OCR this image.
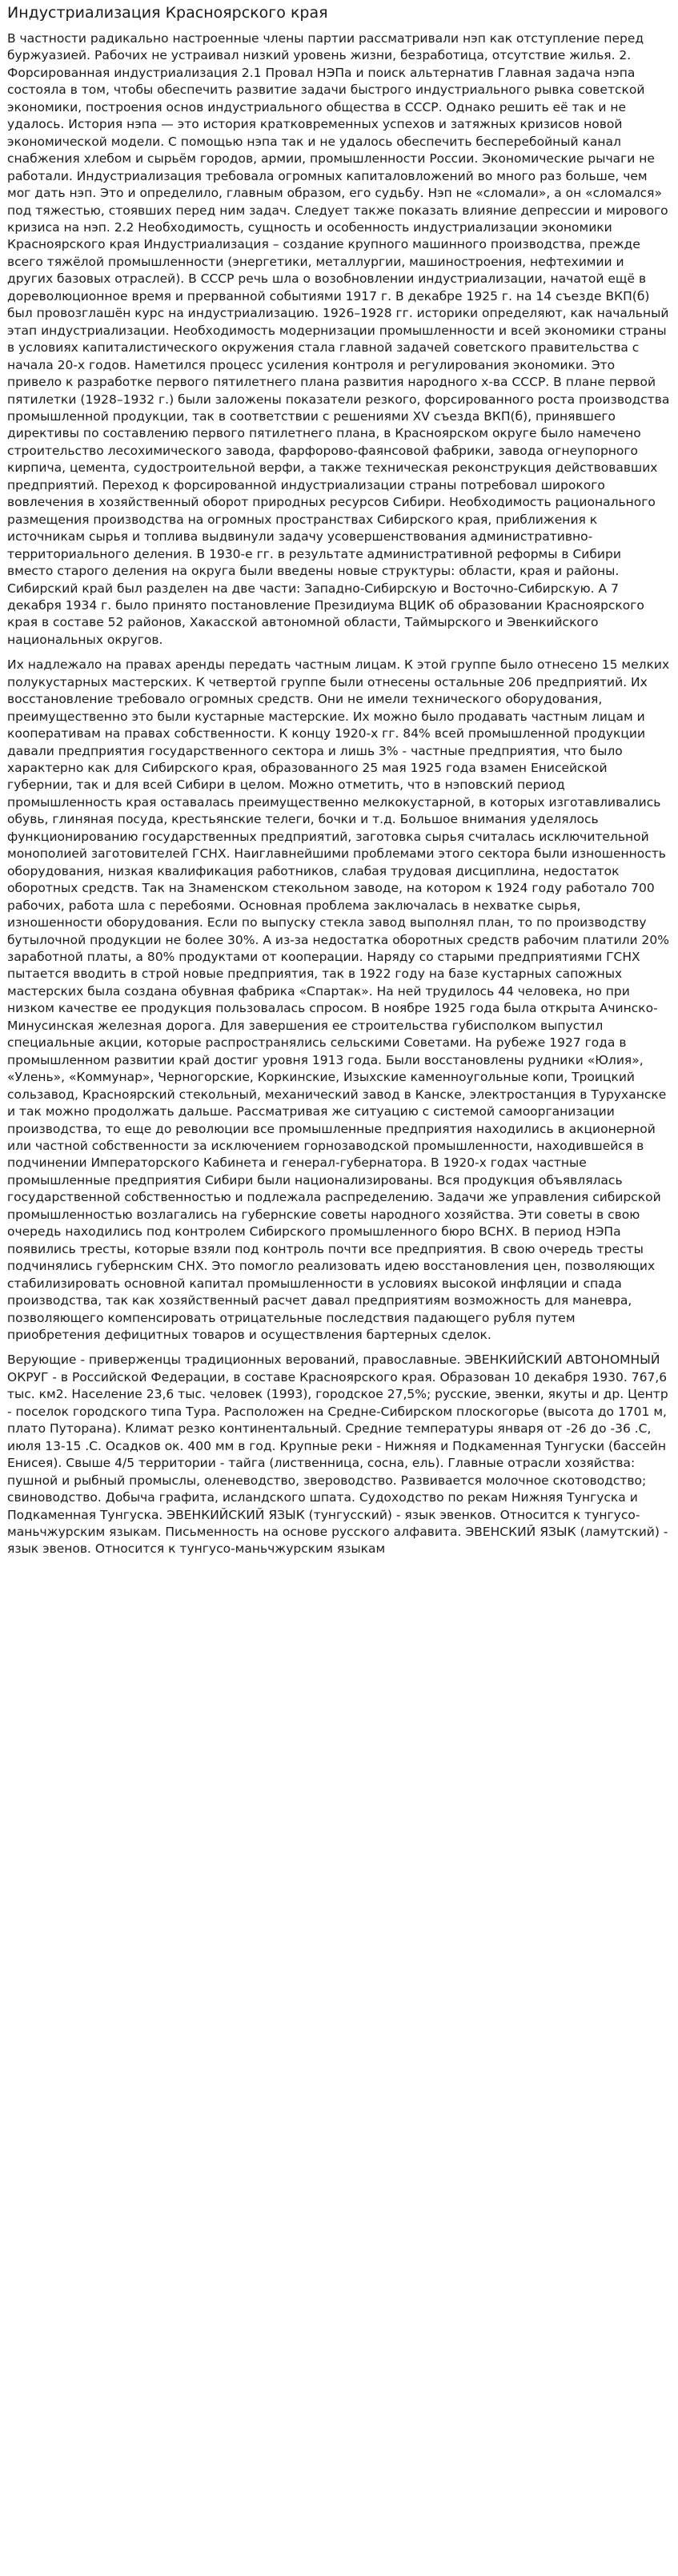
Индустриализация Красноярского края

В частности радикально настроенные члены партии рассматривали нэп как отступление перед буржуазией. Рабочих не устраивал низкий уровень жизни, безработица, отсутствие жилья. 2. Форсированная индустриализация 2.1 Провал НЭПа и поиск альтернатив Главная задача нэпа состояла в том, чтобы обеспечить развитие задачи быстрого индустриального рывка советской экономики, построения основ индустриального общества в СССР. Однако решить её так и не удалось. История нэпа — это история кратковременных успехов и затяжных кризисов новой экономической модели. С помощью нэпа так и не удалось обеспечить бесперебойный канал снабжения хлебом и сырьём городов, армии, промышленности России. Экономические рычаги не работали. Индустриализация требовала огромных капиталовложений во много раз больше, чем мог дать нэп. Это и определило, главным образом, его судьбу. Нэп не «сломали», а он «сломался» под тяжестью, стоявших перед ним задач. Следует также показать влияние депрессии и мирового кризиса на нэп. 2.2 Необходимость, сущность и особенность индустриализации экономики Красноярского края Индустриализация – создание крупного машинного производства, прежде всего тяжёлой промышленности (энергетики, металлургии, машиностроения, нефтехимии и других базовых отраслей). В СССР речь шла о возобновлении индустриализации, начатой ещё в дореволюционное время и прерванной событиями 1917 г. В декабре 1925 г. на 14 съезде ВКП(б) был провозглашён курс на индустриализацию. 1926–1928 гг. историки определяют, как начальный этап индустриализации. Необходимость модернизации промышленности и всей экономики страны в условиях капиталистического окружения стала главной задачей советского правительства с начала 20-х годов. Наметился процесс усиления контроля и регулирования экономики. Это привело к разработке первого пятилетнего плана развития народного х-ва СССР. В плане первой пятилетки (1928–1932 г.) были заложены показатели резкого, форсированного роста производства промышленной продукции, так в соответствии с решениями XV съезда ВКП(б), принявшего директивы по составлению первого пятилетнего плана, в Красноярском округе было намечено строительство лесохимического завода, фарфорово-фаянсовой фабрики, завода огнеупорного кирпича, цемента, судостроительной верфи, а также техническая реконструкция действовавших предприятий. Переход к форсированной индустриализации страны потребовал широкого вовлечения в хозяйственный оборот природных ресурсов Сибири. Необходимость рационального размещения производства на огромных пространствах Сибирского края, приближения к источникам сырья и топлива выдвинули задачу усовершенствования административно-территориального деления. В 1930-е гг. в результате административной реформы в Сибири вместо старого деления на округа были введены новые структуры: области, края и районы. Сибирский край был разделен на две части: Западно-Сибирскую и Восточно-Сибирскую. А 7 декабря 1934 г. было принято постановление Президиума ВЦИК об образовании Красноярского края в составе 52 районов, Хакасской автономной области, Таймырского и Эвенкийского национальных округов.

Их надлежало на правах аренды передать частным лицам. К этой группе было отнесено 15 мелких полукустарных мастерских. К четвертой группе были отнесены остальные 206 предприятий. Их восстановление требовало огромных средств. Они не имели технического оборудования, преимущественно это были кустарные мастерские. Их можно было продавать частным лицам и кооперативам на правах собственности. К концу 1920-х гг. 84% всей промышленной продукции давали предприятия государственного сектора и лишь 3% - частные предприятия, что было характерно как для Сибирского края, образованного 25 мая 1925 года взамен Енисейской губернии, так и для всей Сибири в целом. Можно отметить, что в нэповский период промышленность края оставалась преимущественно мелкокустарной, в которых изготавливались обувь, глиняная посуда, крестьянские телеги, бочки и т.д. Большое внимания уделялось функционированию государственных предприятий, заготовка сырья считалась исключительной монополией заготовителей ГСНХ. Наиглавнейшими проблемами этого сектора были изношенность оборудования, низкая квалификация работников, слабая трудовая дисциплина, недостаток оборотных средств. Так на Знаменском стекольном заводе, на котором к 1924 году работало 700 рабочих, работа шла с перебоями. Основная проблема заключалась в нехватке сырья, изношенности оборудования. Если по выпуску стекла завод выполнял план, то по производству бутылочной продукции не более 30%. А из-за недостатка оборотных средств рабочим платили 20% заработной платы, а 80% продуктами от кооперации. Наряду со старыми предприятиями ГСНХ пытается вводить в строй новые предприятия, так в 1922 году на базе кустарных сапожных мастерских была создана обувная фабрика «Спартак». На ней трудилось 44 человека, но при низком качестве ее продукция пользовалась спросом. В ноябре 1925 года была открыта Ачинско-Минусинская железная дорога. Для завершения ее строительства губисполком выпустил специальные акции, которые распространялись сельскими Советами. На рубеже 1927 года в промышленном развитии край достиг уровня 1913 года. Были восстановлены рудники «Юлия», «Улень», «Коммунар», Черногорские, Коркинские, Изыхские каменноугольные копи, Троицкий сользавод, Красноярский стекольный, механический завод в Канске, электростанция в Туруханске и так можно продолжать дальше. Рассматривая же ситуацию с системой самоорганизации производства, то еще до революции все промышленные предприятия находились в акционерной или частной собственности за исключением горнозаводской промышленности, находившейся в подчинении Императорского Кабинета и генерал-губернатора. В 1920-х годах частные промышленные предприятия Сибири были национализированы. Вся продукция объявлялась государственной собственностью и подлежала распределению. Задачи же управления сибирской промышленностью возлагались на губернские советы народного хозяйства. Эти советы в свою очередь находились под контролем Сибирского промышленного бюро ВСНХ. В период НЭПа появились тресты, которые взяли под контроль почти все предприятия. В свою очередь тресты подчинялись губернским СНХ. Это помогло реализовать идею восстановления цен, позволяющих стабилизировать основной капитал промышленности в условиях высокой инфляции и спада производства, так как хозяйственный расчет давал предприятиям возможность для маневра, позволяющего компенсировать отрицательные последствия падающего рубля путем приобретения дефицитных товаров и осуществления бартерных сделок.

Верующие - приверженцы традиционных верований, православные. ЭВЕНКИЙСКИЙ АВТОНОМНЫЙ ОКРУГ - в Российской Федерации, в составе Красноярского края. Образован 10 декабря 1930. 767,6 тыс. км2. Население 23,6 тыс. человек (1993), городское 27,5%; русские, эвенки, якуты и др. Центр - поселок городского типа Тура. Расположен на Средне-Сибирском плоскогорье (высота до 1701 м, плато Путорана). Климат резко континентальный. Средние температуры января от -26 до -36 .С, июля 13-15 .С. Осадков ок. 400 мм в год. Крупные реки - Нижняя и Подкаменная Тунгуски (бассейн Енисея). Свыше 4/5 территории - тайга (лиственница, сосна, ель). Главные отрасли хозяйства: пушной и рыбный промыслы, оленеводство, звероводство. Развивается молочное скотоводство; свиноводство. Добыча графита, исландского шпата. Судоходство по рекам Нижняя Тунгуска и Подкаменная Тунгуска. ЭВЕНКИЙСКИЙ ЯЗЫК (тунгусский) - язык эвенков. Относится к тунгусо-маньчжурским языкам. Письменность на основе русского алфавита. ЭВЕНСКИЙ ЯЗЫК (ламутский) - язык эвенов. Относится к тунгусо-маньчжурским языкам
